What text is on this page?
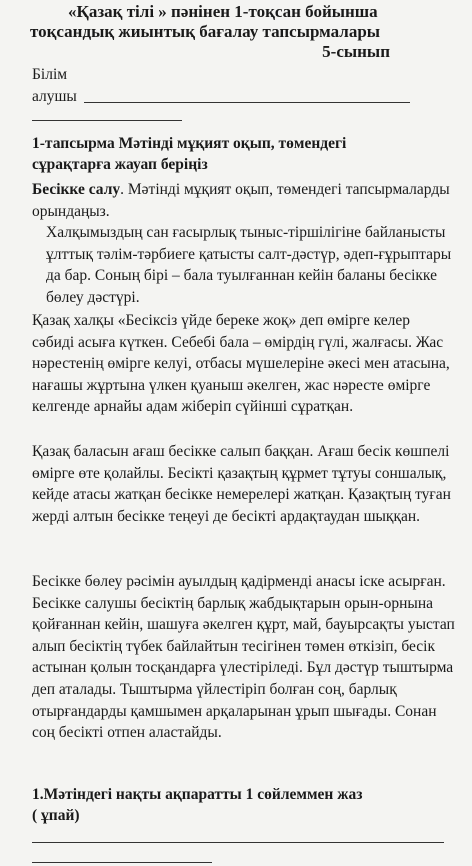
«Қазақ тілі » пәнінен 1-тоқсан бойынша
тоқсандық жиынтық бағалау тапсырмалары
5-сынып
Білім
алушы
1-тапсырма Мәтінді мұқият оқып, төмендегі
сұрақтарға жауап беріңіз
Бесікке салу. Мәтінді мұқият оқып, төмендегі тапсырмаларды орындаңыз.
Халқымыздың сан ғасырлық тыныс-тіршілігіне байланысты ұлттық тәлім-тәрбиеге қатысты салт-дәстүр, әдеп-ғұрыптары да бар. Соның бірі – бала туылғаннан кейін баланы бесікке бөлеу дәстүрі.
Қазақ халқы «Бесіксіз үйде береке жоқ» деп өмірге келер сәбиді асыға күткен. Себебі бала – өмірдің гүлі, жалғасы. Жас нәрестенің өмірге келуі, отбасы мүшелеріне әкесі мен атасына, нағашы жұртына үлкен қуаныш әкелген, жас нәресте өмірге келгенде арнайы адам жіберіп сүйінші сұратқан.
Қазақ баласын ағаш бесікке салып баққан. Ағаш бесік көшпелі өмірге өте қолайлы. Бесікті қазақтың құрмет тұтуы соншалық, кейде атасы жатқан бесікке немерелері жатқан. Қазақтың туған жерді алтын бесікке теңеуі де бесікті ардақтаудан шыққан.
Бесікке бөлеу рәсімін ауылдың қадірменді анасы іске асырған. Бесікке салушы бесіктің барлық жабдықтарын орын-орнына қойғаннан кейін, шашуға әкелген құрт, май, бауырсақты уыстап алып бесіктің түбек байлайтын тесігінен төмен өткізіп, бесік астынан қолын тосқандарға үлестіріледі. Бұл дәстүр тыштырма деп аталады. Тыштырма үйлестіріп болған соң, барлық отырғандарды қамшымен арқаларынан ұрып шығады. Сонан соң бесікті отпен аластайды.
1.Мәтіндегі нақты ақпаратты 1 сөйлеммен жаз
( ұпай)
